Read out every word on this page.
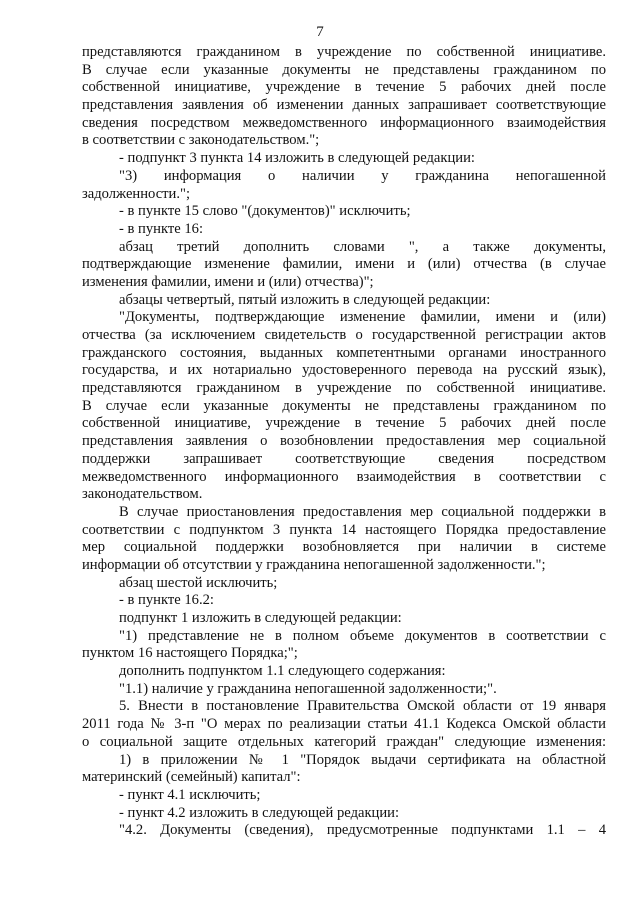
7
представляются гражданином в учреждение по собственной инициативе.
В случае если указанные документы не представлены гражданином по
собственной инициативе, учреждение в течение 5 рабочих дней после
представления заявления об изменении данных запрашивает соответствующие
сведения посредством межведомственного информационного взаимодействия
в соответствии с законодательством.";
- подпункт 3 пункта 14 изложить в следующей редакции:
"3) информация о наличии у гражданина непогашенной
задолженности.";
- в пункте 15 слово "(документов)" исключить;
- в пункте 16:
абзац третий дополнить словами ", а также документы,
подтверждающие изменение фамилии, имени и (или) отчества (в случае
изменения фамилии, имени и (или) отчества)";
абзацы четвертый, пятый изложить в следующей редакции:
"Документы, подтверждающие изменение фамилии, имени и (или)
отчества (за исключением свидетельств о государственной регистрации актов
гражданского состояния, выданных компетентными органами иностранного
государства, и их нотариально удостоверенного перевода на русский язык),
представляются гражданином в учреждение по собственной инициативе.
В случае если указанные документы не представлены гражданином по
собственной инициативе, учреждение в течение 5 рабочих дней после
представления заявления о возобновлении предоставления мер социальной
поддержки запрашивает соответствующие сведения посредством
межведомственного информационного взаимодействия в соответствии с
законодательством.
В случае приостановления предоставления мер социальной поддержки в
соответствии с подпунктом 3 пункта 14 настоящего Порядка предоставление
мер социальной поддержки возобновляется при наличии в системе
информации об отсутствии у гражданина непогашенной задолженности.";
абзац шестой исключить;
- в пункте 16.2:
подпункт 1 изложить в следующей редакции:
"1) представление не в полном объеме документов в соответствии с
пунктом 16 настоящего Порядка;";
дополнить подпунктом 1.1 следующего содержания:
"1.1) наличие у гражданина непогашенной задолженности;".
5. Внести в постановление Правительства Омской области от 19 января
2011 года № 3-п "О мерах по реализации статьи 41.1 Кодекса Омской области
о социальной защите отдельных категорий граждан" следующие изменения:
1) в приложении № 1 "Порядок выдачи сертификата на областной
материнский (семейный) капитал":
- пункт 4.1 исключить;
- пункт 4.2 изложить в следующей редакции:
"4.2. Документы (сведения), предусмотренные подпунктами 1.1 – 4
